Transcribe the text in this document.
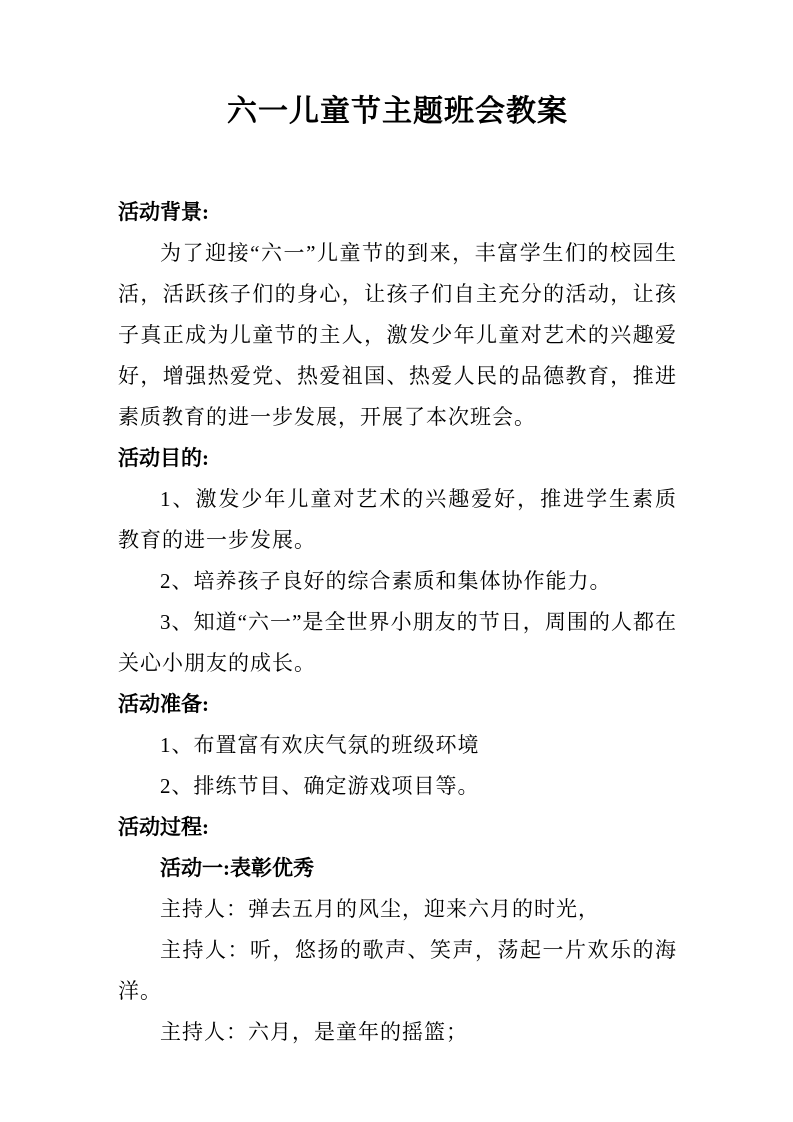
六一儿童节主题班会教案
活动背景:

为了迎接“六一”儿童节的到来，丰富学生们的校园生活，活跃孩子们的身心，让孩子们自主充分的活动，让孩子真正成为儿童节的主人，激发少年儿童对艺术的兴趣爱好，增强热爱党、热爱祖国、热爱人民的品德教育，推进素质教育的进一步发展，开展了本次班会。

活动目的:

1、激发少年儿童对艺术的兴趣爱好，推进学生素质教育的进一步发展。

2、培养孩子良好的综合素质和集体协作能力。

3、知道“六一”是全世界小朋友的节日，周围的人都在关心小朋友的成长。

活动准备:

1、布置富有欢庆气氛的班级环境

2、排练节目、确定游戏项目等。

活动过程:
活动一:表彰优秀

主持人：弹去五月的风尘，迎来六月的时光，

主持人：听，悠扬的歌声、笑声，荡起一片欢乐的海洋。

主持人：六月，是童年的摇篮；
